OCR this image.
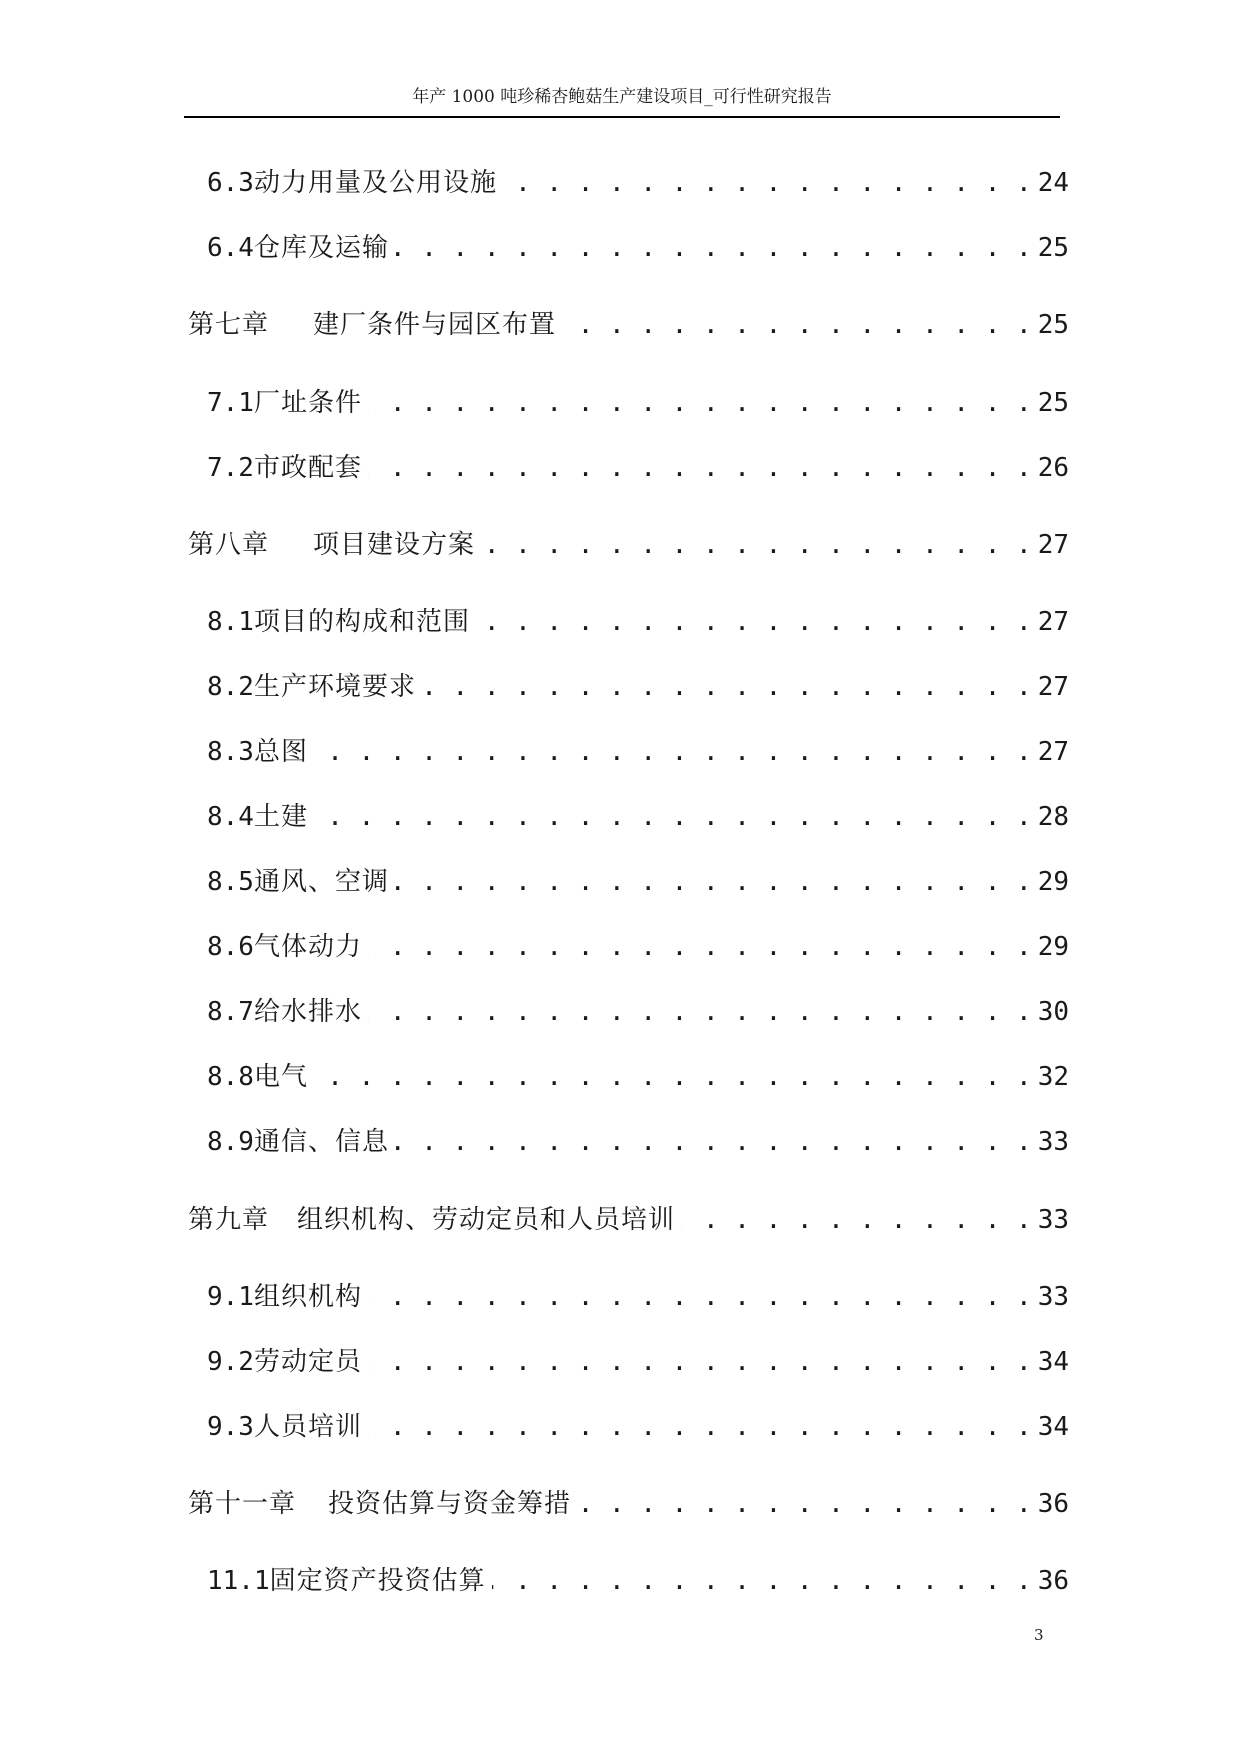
年产 1000 吨珍稀杏鲍菇生产建设项目_可行性研究报告
6.3 动力用量及公用设施 . . .	24
6.4 仓库及运输 . . .	25
第七章 建厂条件与园区布置 . . .	25
7.1 厂址条件 . . .	25
7.2 市政配套 . . .	26
第八章 项目建设方案 . . .	27
8.1 项目的构成和范围 . . .	27
8.2 生产环境要求 . . .	27
8.3 总图 . . .	27
8.4 土建 . . .	28
8.5 通风、空调 . . .	29
8.6 气体动力 . . .	29
8.7 给水排水 . . .	30
8.8 电气 . . .	32
8.9 通信、信息 . . .	33
第九章 组织机构、劳动定员和人员培训 . . .	33
9.1 组织机构 . . .	33
9.2 劳动定员 . . .	34
9.3 人员培训 . . .	34
第十一章 投资估算与资金筹措 . . .	36
11.1 固定资产投资估算 . . .	36
3
